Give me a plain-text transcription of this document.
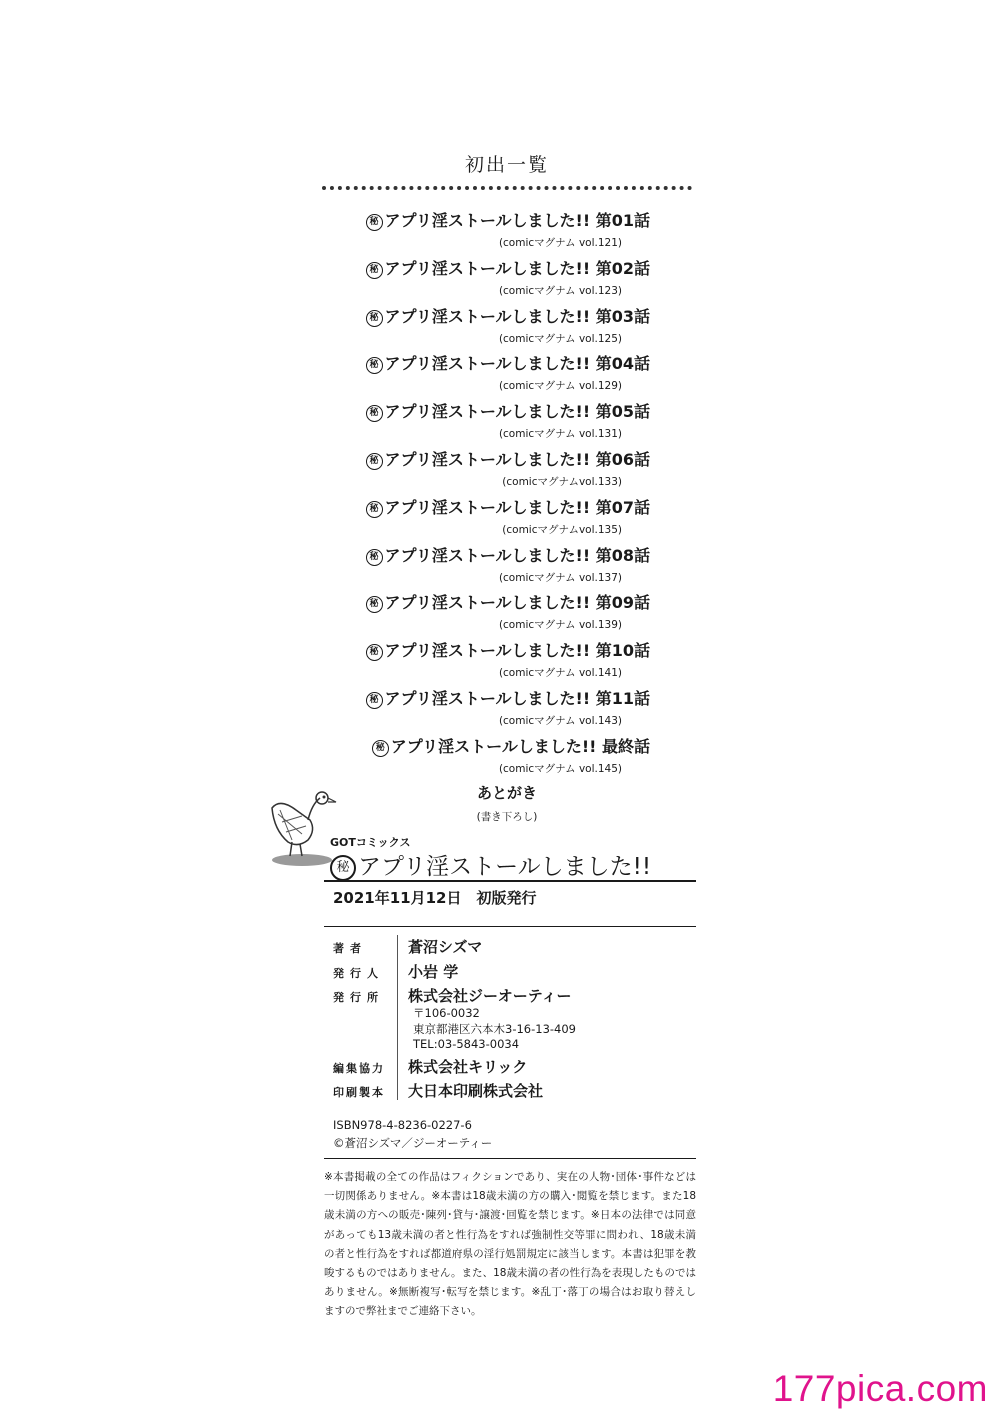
初出一覧
秘 アプリ淫ストールしました!! 第01話
(comicマグナム vol.121)
秘 アプリ淫ストールしました!! 第02話
(comicマグナム vol.123)
秘 アプリ淫ストールしました!! 第03話
(comicマグナム vol.125)
秘 アプリ淫ストールしました!! 第04話
(comicマグナム vol.129)
秘 アプリ淫ストールしました!! 第05話
(comicマグナム vol.131)
秘 アプリ淫ストールしました!! 第06話
(comicマグナムvol.133)
秘 アプリ淫ストールしました!! 第07話
(comicマグナムvol.135)
秘 アプリ淫ストールしました!! 第08話
(comicマグナム vol.137)
秘 アプリ淫ストールしました!! 第09話
(comicマグナム vol.139)
秘 アプリ淫ストールしました!! 第10話
(comicマグナム vol.141)
秘 アプリ淫ストールしました!! 第11話
(comicマグナム vol.143)
秘 アプリ淫ストールしました!! 最終話
(comicマグナム vol.145)
あとがき
(書き下ろし)
GOTコミックス
秘 アプリ淫ストールしました!!
2021年11月12日　初版発行
著者	蒼沼シズマ
発行人	小岩 学
発行所	株式会社ジーオーティー
〒106-0032
東京都港区六本木3-16-13-409
TEL:03-5843-0034
編集協力	株式会社キリック
印刷製本	大日本印刷株式会社
ISBN978-4-8236-0227-6
©蒼沼シズマ／ジーオーティー
※本書掲載の全ての作品はフィクションであり、実在の人物･団体･事件などは一切関係ありません。※本書は18歳未満の方の購入･閲覧を禁じます。また18歳未満の方への販売･陳列･貸与･譲渡･回覧を禁じます。※日本の法律では同意があっても13歳未満の者と性行為をすれば強制性交等罪に問われ、18歳未満の者と性行為をすれば都道府県の淫行処罰規定に該当します。本書は犯罪を教唆するものではありません。また、18歳未満の者の性行為を表現したものではありません。※無断複写･転写を禁じます。※乱丁･落丁の場合はお取り替えしますので弊社までご連絡下さい。
177pica.com
